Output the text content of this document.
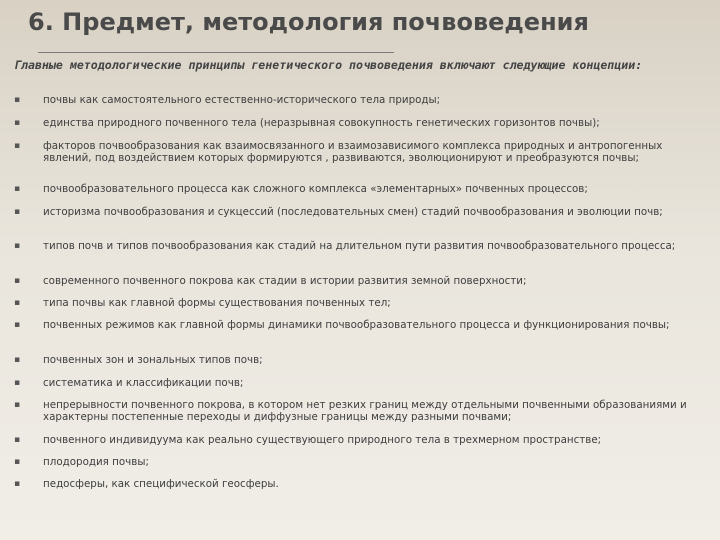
6. Предмет, методология почвоведения
Главные методологические принципы генетического почвоведения включают следующие концепции:
▪ почвы как самостоятельного естественно-исторического тела природы;
▪ единства природного почвенного тела (неразрывная совокупность генетических горизонтов почвы);
▪ факторов почвообразования как взаимосвязанного и взаимозависимого комплекса природных и антропогенных явлений, под воздействием которых формируются , развиваются, эволюционируют и преобразуются почвы;
▪ почвообразовательного процесса как сложного комплекса «элементарных» почвенных процессов;
▪ историзма почвообразования и сукцессий (последовательных смен) стадий почвообразования и эволюции почв;
▪ типов почв и типов почвообразования как стадий на длительном пути развития почвообразовательного процесса;
▪ современного почвенного покрова как стадии в истории развития земной поверхности;
▪ типа почвы как главной формы существования почвенных тел;
▪ почвенных режимов как главной формы динамики почвообразовательного процесса и функционирования почвы;
▪ почвенных зон и зональных типов почв;
▪ систематика и классификации почв;
▪ непрерывности почвенного покрова, в котором нет резких границ между отдельными почвенными образованиями и характерны постепенные переходы и диффузные границы между разными почвами;
▪ почвенного индивидуума как реально существующего природного тела в трехмерном пространстве;
▪ плодородия почвы;
▪ педосферы, как специфической геосферы.
